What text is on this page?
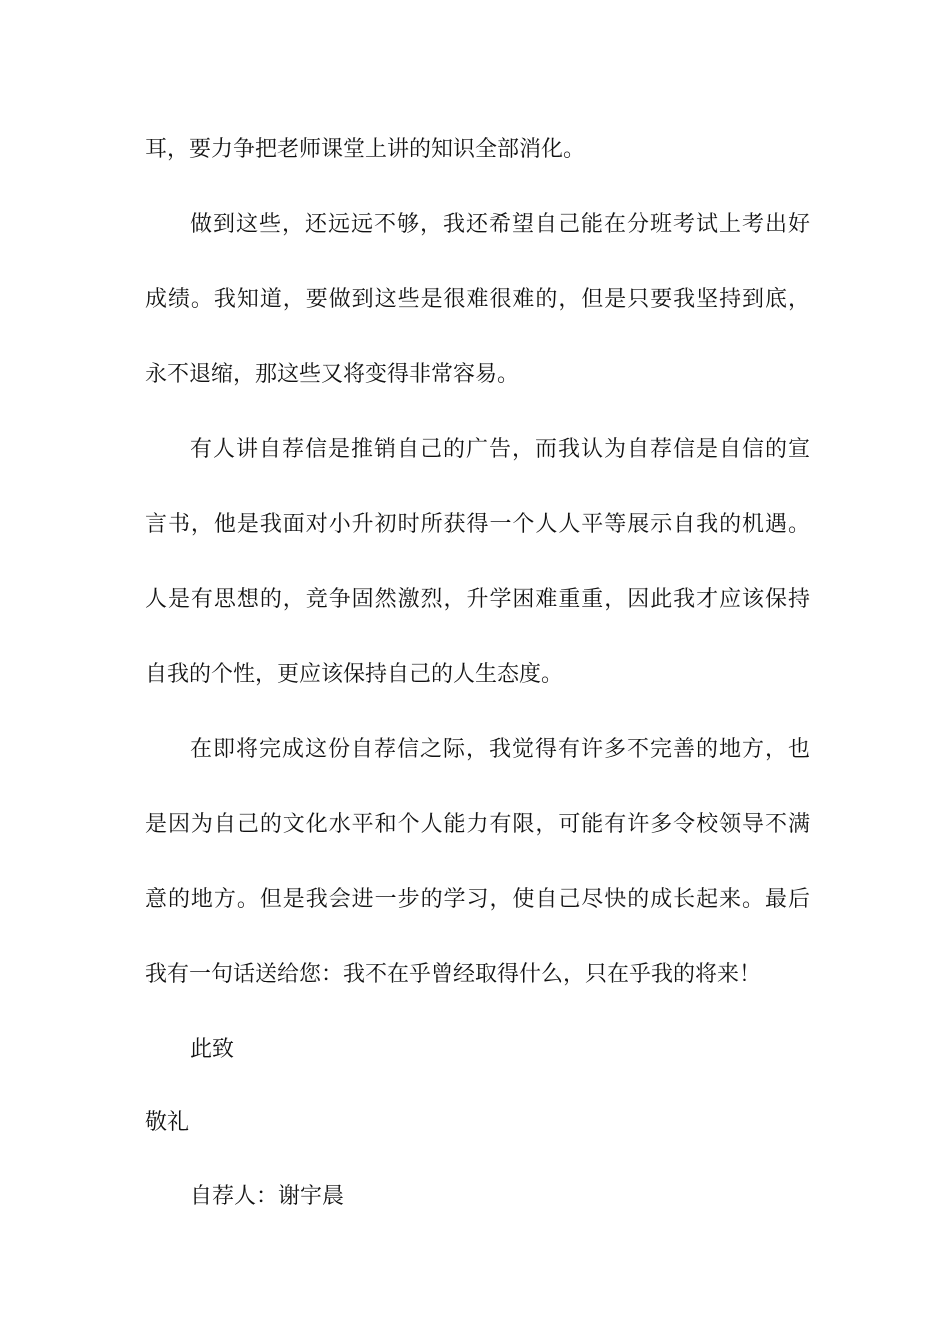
耳，要力争把老师课堂上讲的知识全部消化。
做到这些，还远远不够，我还希望自己能在分班考试上考出好
成绩。我知道，要做到这些是很难很难的，但是只要我坚持到底，
永不退缩，那这些又将变得非常容易。
有人讲自荐信是推销自己的广告，而我认为自荐信是自信的宣
言书，他是我面对小升初时所获得一个人人平等展示自我的机遇。
人是有思想的，竞争固然激烈，升学困难重重，因此我才应该保持
自我的个性，更应该保持自己的人生态度。
在即将完成这份自荐信之际，我觉得有许多不完善的地方，也
是因为自己的文化水平和个人能力有限，可能有许多令校领导不满
意的地方。但是我会进一步的学习，使自己尽快的成长起来。最后
我有一句话送给您：我不在乎曾经取得什么，只在乎我的将来！
此致
敬礼
自荐人：谢宇晨
